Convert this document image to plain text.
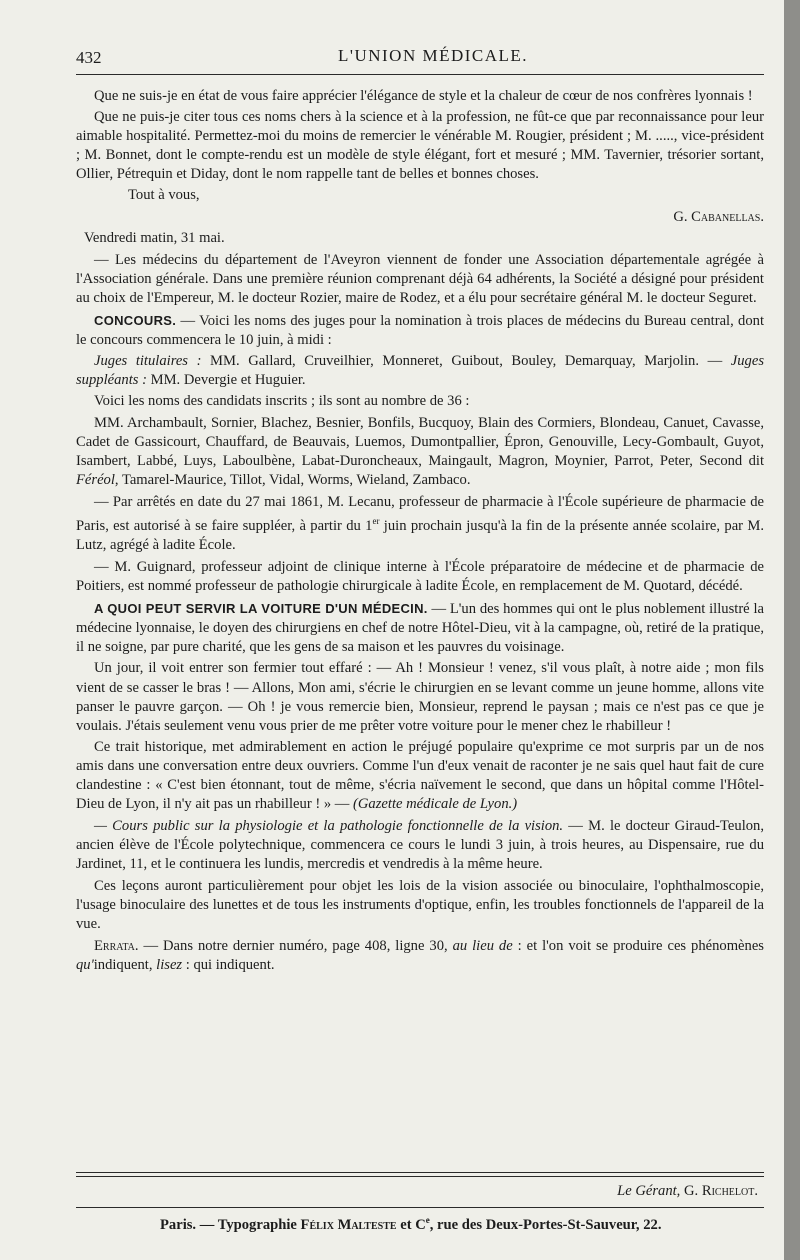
432	L'UNION MÉDICALE.

Que ne suis-je en état de vous faire apprécier l'élégance de style et la chaleur de cœur de nos confrères lyonnais !

Que ne puis-je citer tous ces noms chers à la science et à la profession, ne fût-ce que par reconnaissance pour leur aimable hospitalité. Permettez-moi du moins de remercier le vénérable M. Rougier, président ; M. ....., vice-président ; M. Bonnet, dont le compte-rendu est un modèle de style élégant, fort et mesuré ; MM. Tavernier, trésorier sortant, Ollier, Pétrequin et Diday, dont le nom rappelle tant de belles et bonnes choses.

Tout à vous,

G. Cabanellas.

Vendredi matin, 31 mai.

— Les médecins du département de l'Aveyron viennent de fonder une Association départementale agrégée à l'Association générale. Dans une première réunion comprenant déjà 64 adhérents, la Société a désigné pour président au choix de l'Empereur, M. le docteur Rozier, maire de Rodez, et a élu pour secrétaire général M. le docteur Seguret.

CONCOURS. — Voici les noms des juges pour la nomination à trois places de médecins du Bureau central, dont le concours commencera le 10 juin, à midi :

Juges titulaires : MM. Gallard, Cruveilhier, Monneret, Guibout, Bouley, Demarquay, Marjolin. — Juges suppléants : MM. Devergie et Huguier.

Voici les noms des candidats inscrits ; ils sont au nombre de 36 :

MM. Archambault, Sornier, Blachez, Besnier, Bonfils, Bucquoy, Blain des Cormiers, Blondeau, Canuet, Cavasse, Cadet de Gassicourt, Chauffard, de Beauvais, Luemos, Dumontpallier, Épron, Genouville, Lecy-Gombault, Guyot, Isambert, Labbé, Luys, Laboulbène, Labat-Duroncheaux, Maingault, Magron, Moynier, Parrot, Peter, Second dit Féréol, Tamarel-Maurice, Tillot, Vidal, Worms, Wieland, Zambaco.

— Par arrêtés en date du 27 mai 1861, M. Lecanu, professeur de pharmacie à l'École supérieure de pharmacie de Paris, est autorisé à se faire suppléer, à partir du 1er juin prochain jusqu'à la fin de la présente année scolaire, par M. Lutz, agrégé à ladite École.

— M. Guignard, professeur adjoint de clinique interne à l'École préparatoire de médecine et de pharmacie de Poitiers, est nommé professeur de pathologie chirurgicale à ladite École, en remplacement de M. Quotard, décédé.

A QUOI PEUT SERVIR LA VOITURE D'UN MÉDECIN. — L'un des hommes qui ont le plus noblement illustré la médecine lyonnaise, le doyen des chirurgiens en chef de notre Hôtel-Dieu, vit à la campagne, où, retiré de la pratique, il ne soigne, par pure charité, que les gens de sa maison et les pauvres du voisinage.

Un jour, il voit entrer son fermier tout effaré : — Ah ! Monsieur ! venez, s'il vous plaît, à notre aide ; mon fils vient de se casser le bras ! — Allons, Mon ami, s'écrie le chirurgien en se levant comme un jeune homme, allons vite panser le pauvre garçon. — Oh ! je vous remercie bien, Monsieur, reprend le paysan ; mais ce n'est pas ce que je voulais. J'étais seulement venu vous prier de me prêter votre voiture pour le mener chez le rhabilleur !

Ce trait historique, met admirablement en action le préjugé populaire qu'exprime ce mot surpris par un de nos amis dans une conversation entre deux ouvriers. Comme l'un d'eux venait de raconter je ne sais quel haut fait de cure clandestine : « C'est bien étonnant, tout de même, s'écria naïvement le second, que dans un hôpital comme l'Hôtel-Dieu de Lyon, il n'y ait pas un rhabilleur ! » — (Gazette médicale de Lyon.)

— Cours public sur la physiologie et la pathologie fonctionnelle de la vision. — M. le docteur Giraud-Teulon, ancien élève de l'École polytechnique, commencera ce cours le lundi 3 juin, à trois heures, au Dispensaire, rue du Jardinet, 11, et le continuera les lundis, mercredis et vendredis à la même heure.

Ces leçons auront particulièrement pour objet les lois de la vision associée ou binoculaire, l'ophthalmoscopie, l'usage binoculaire des lunettes et de tous les instruments d'optique, enfin, les troubles fonctionnels de l'appareil de la vue.

Errata. — Dans notre dernier numéro, page 408, ligne 30, au lieu de : et l'on voit se produire ces phénomènes qu'indiquent, lisez : qui indiquent.

Le Gérant, G. Richelot.
Paris. — Typographie Félix Malteste et Ce, rue des Deux-Portes-St-Sauveur, 22.
